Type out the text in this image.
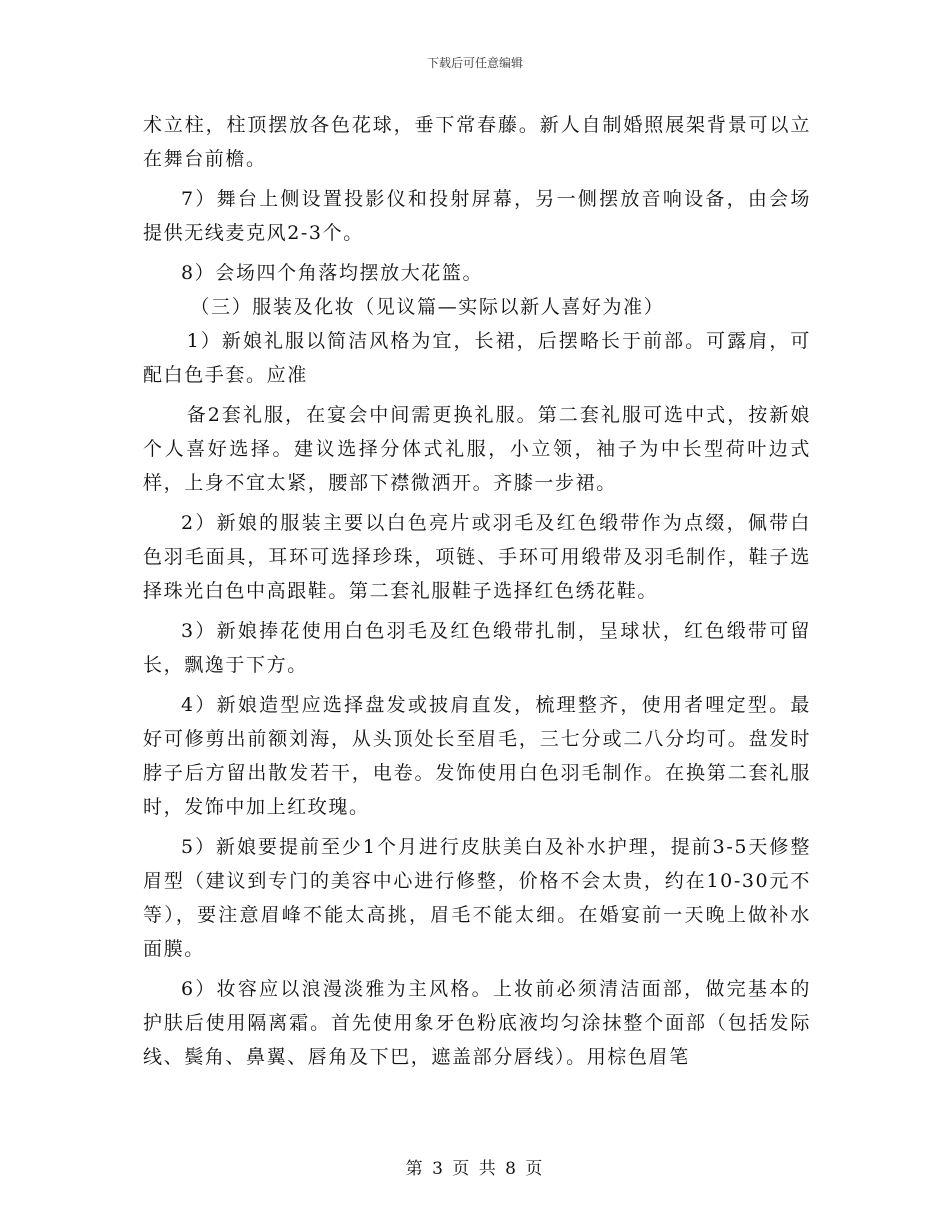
下载后可任意编辑

术立柱，柱顶摆放各色花球，垂下常春藤。新人自制婚照展架背景可以立在舞台前檐。

7）舞台上侧设置投影仪和投射屏幕，另一侧摆放音响设备，由会场提供无线麦克风2-3个。

8）会场四个角落均摆放大花篮。

（三）服装及化妆（见议篇—实际以新人喜好为准）

1）新娘礼服以简洁风格为宜，长裙，后摆略长于前部。可露肩，可配白色手套。应准

备2套礼服，在宴会中间需更换礼服。第二套礼服可选中式，按新娘个人喜好选择。建议选择分体式礼服，小立领，袖子为中长型荷叶边式样，上身不宜太紧，腰部下襟微洒开。齐膝一步裙。

2）新娘的服装主要以白色亮片或羽毛及红色缎带作为点缀，佩带白色羽毛面具，耳环可选择珍珠，项链、手环可用缎带及羽毛制作，鞋子选择珠光白色中高跟鞋。第二套礼服鞋子选择红色绣花鞋。

3）新娘捧花使用白色羽毛及红色缎带扎制，呈球状，红色缎带可留长，飘逸于下方。

4）新娘造型应选择盘发或披肩直发，梳理整齐，使用者哩定型。最好可修剪出前额刘海，从头顶处长至眉毛，三七分或二八分均可。盘发时脖子后方留出散发若干，电卷。发饰使用白色羽毛制作。在换第二套礼服时，发饰中加上红玫瑰。

5）新娘要提前至少1个月进行皮肤美白及补水护理，提前3-5天修整眉型（建议到专门的美容中心进行修整，价格不会太贵，约在10-30元不等），要注意眉峰不能太高挑，眉毛不能太细。在婚宴前一天晚上做补水面膜。

6）妆容应以浪漫淡雅为主风格。上妆前必须清洁面部，做完基本的护肤后使用隔离霜。首先使用象牙色粉底液均匀涂抹整个面部（包括发际线、鬓角、鼻翼、唇角及下巴，遮盖部分唇线）。用棕色眉笔

第 3 页 共 8 页
